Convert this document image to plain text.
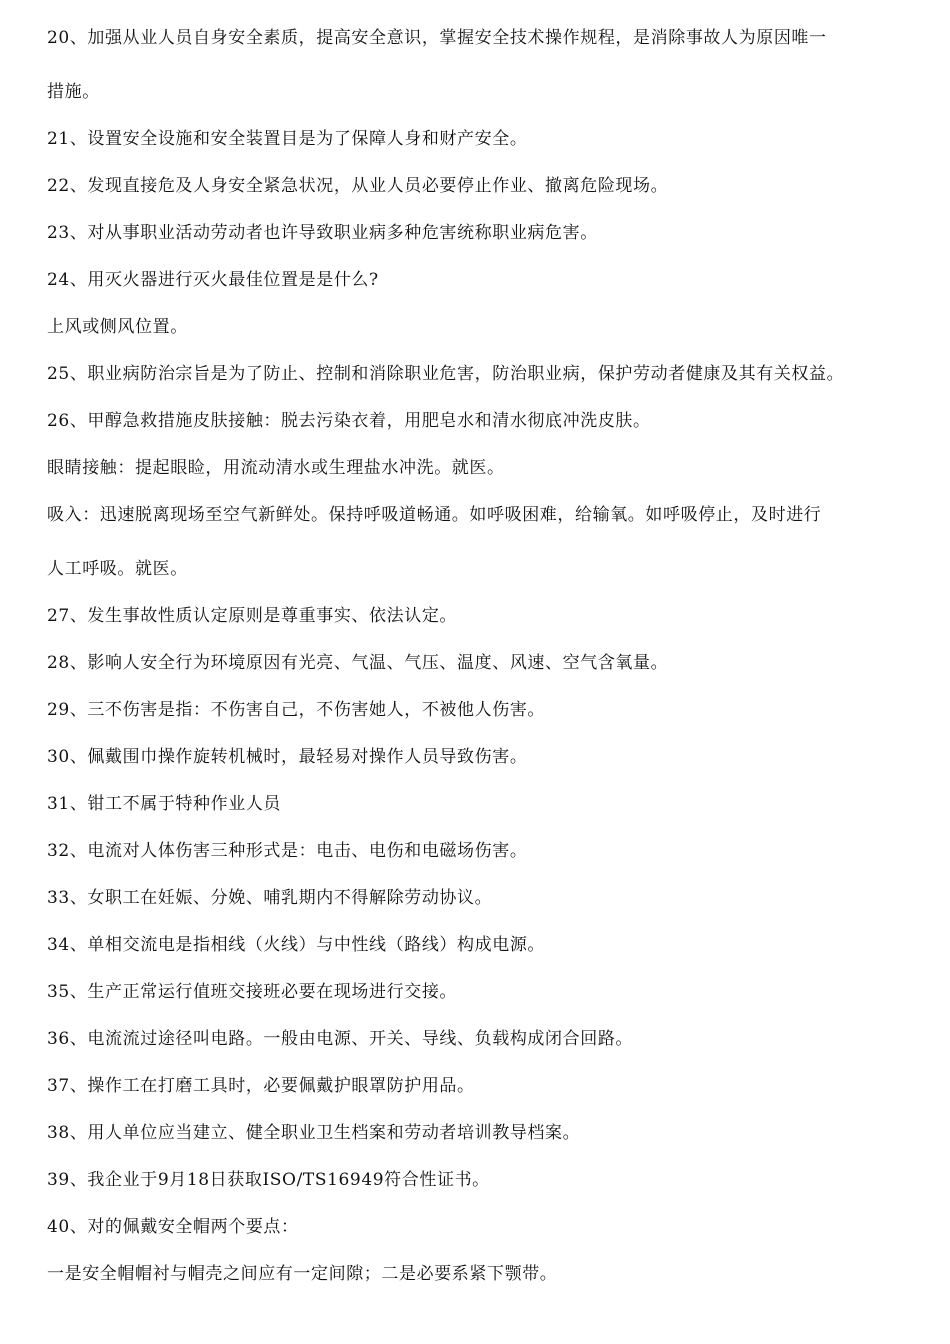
20、加强从业人员自身安全素质，提高安全意识，掌握安全技术操作规程，是消除事故人为原因唯一
措施。
21、设置安全设施和安全装置目是为了保障人身和财产安全。
22、发现直接危及人身安全紧急状况，从业人员必要停止作业、撤离危险现场。
23、对从事职业活动劳动者也许导致职业病多种危害统称职业病危害。
24、用灭火器进行灭火最佳位置是是什么?
上风或侧风位置。
25、职业病防治宗旨是为了防止、控制和消除职业危害，防治职业病，保护劳动者健康及其有关权益。
26、甲醇急救措施皮肤接触：脱去污染衣着，用肥皂水和清水彻底冲洗皮肤。
眼睛接触：提起眼睑，用流动清水或生理盐水冲洗。就医。
吸入：迅速脱离现场至空气新鲜处。保持呼吸道畅通。如呼吸困难，给输氧。如呼吸停止，及时进行
人工呼吸。就医。
27、发生事故性质认定原则是尊重事实、依法认定。
28、影响人安全行为环境原因有光亮、气温、气压、温度、风速、空气含氧量。
29、三不伤害是指：不伤害自己，不伤害她人，不被他人伤害。
30、佩戴围巾操作旋转机械时，最轻易对操作人员导致伤害。
31、钳工不属于特种作业人员
32、电流对人体伤害三种形式是：电击、电伤和电磁场伤害。
33、女职工在妊娠、分娩、哺乳期内不得解除劳动协议。
34、单相交流电是指相线（火线）与中性线（路线）构成电源。
35、生产正常运行值班交接班必要在现场进行交接。
36、电流流过途径叫电路。一般由电源、开关、导线、负载构成闭合回路。
37、操作工在打磨工具时，必要佩戴护眼罩防护用品。
38、用人单位应当建立、健全职业卫生档案和劳动者培训教导档案。
39、我企业于9月18日获取ISO/TS16949符合性证书。
40、对的佩戴安全帽两个要点：
一是安全帽帽衬与帽壳之间应有一定间隙；二是必要系紧下颚带。
